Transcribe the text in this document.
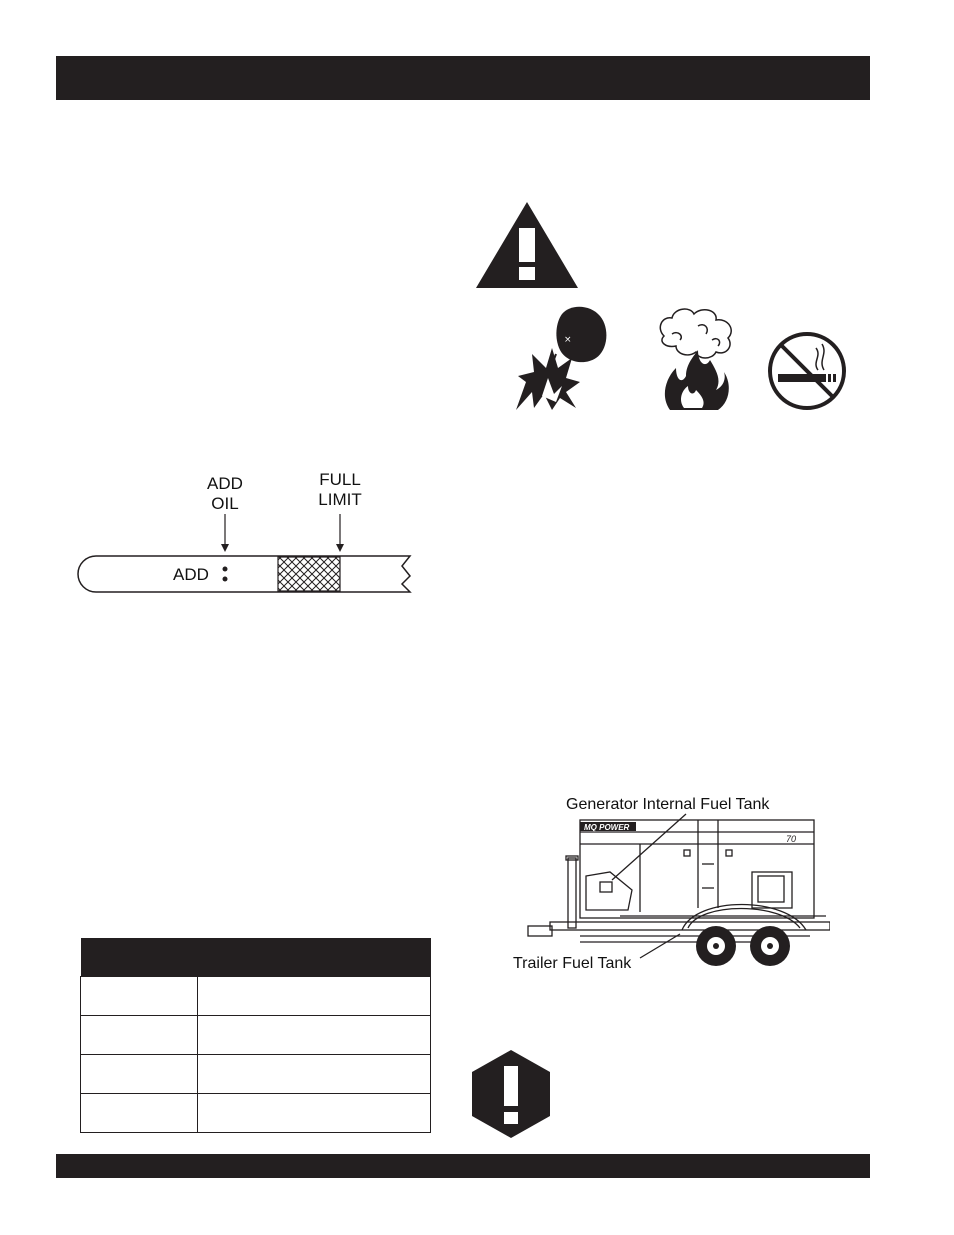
×
ADD
OIL
FULL
LIMIT
ADD
Generator Internal Fuel Tank
Trailer Fuel Tank
MQ POWER
70
